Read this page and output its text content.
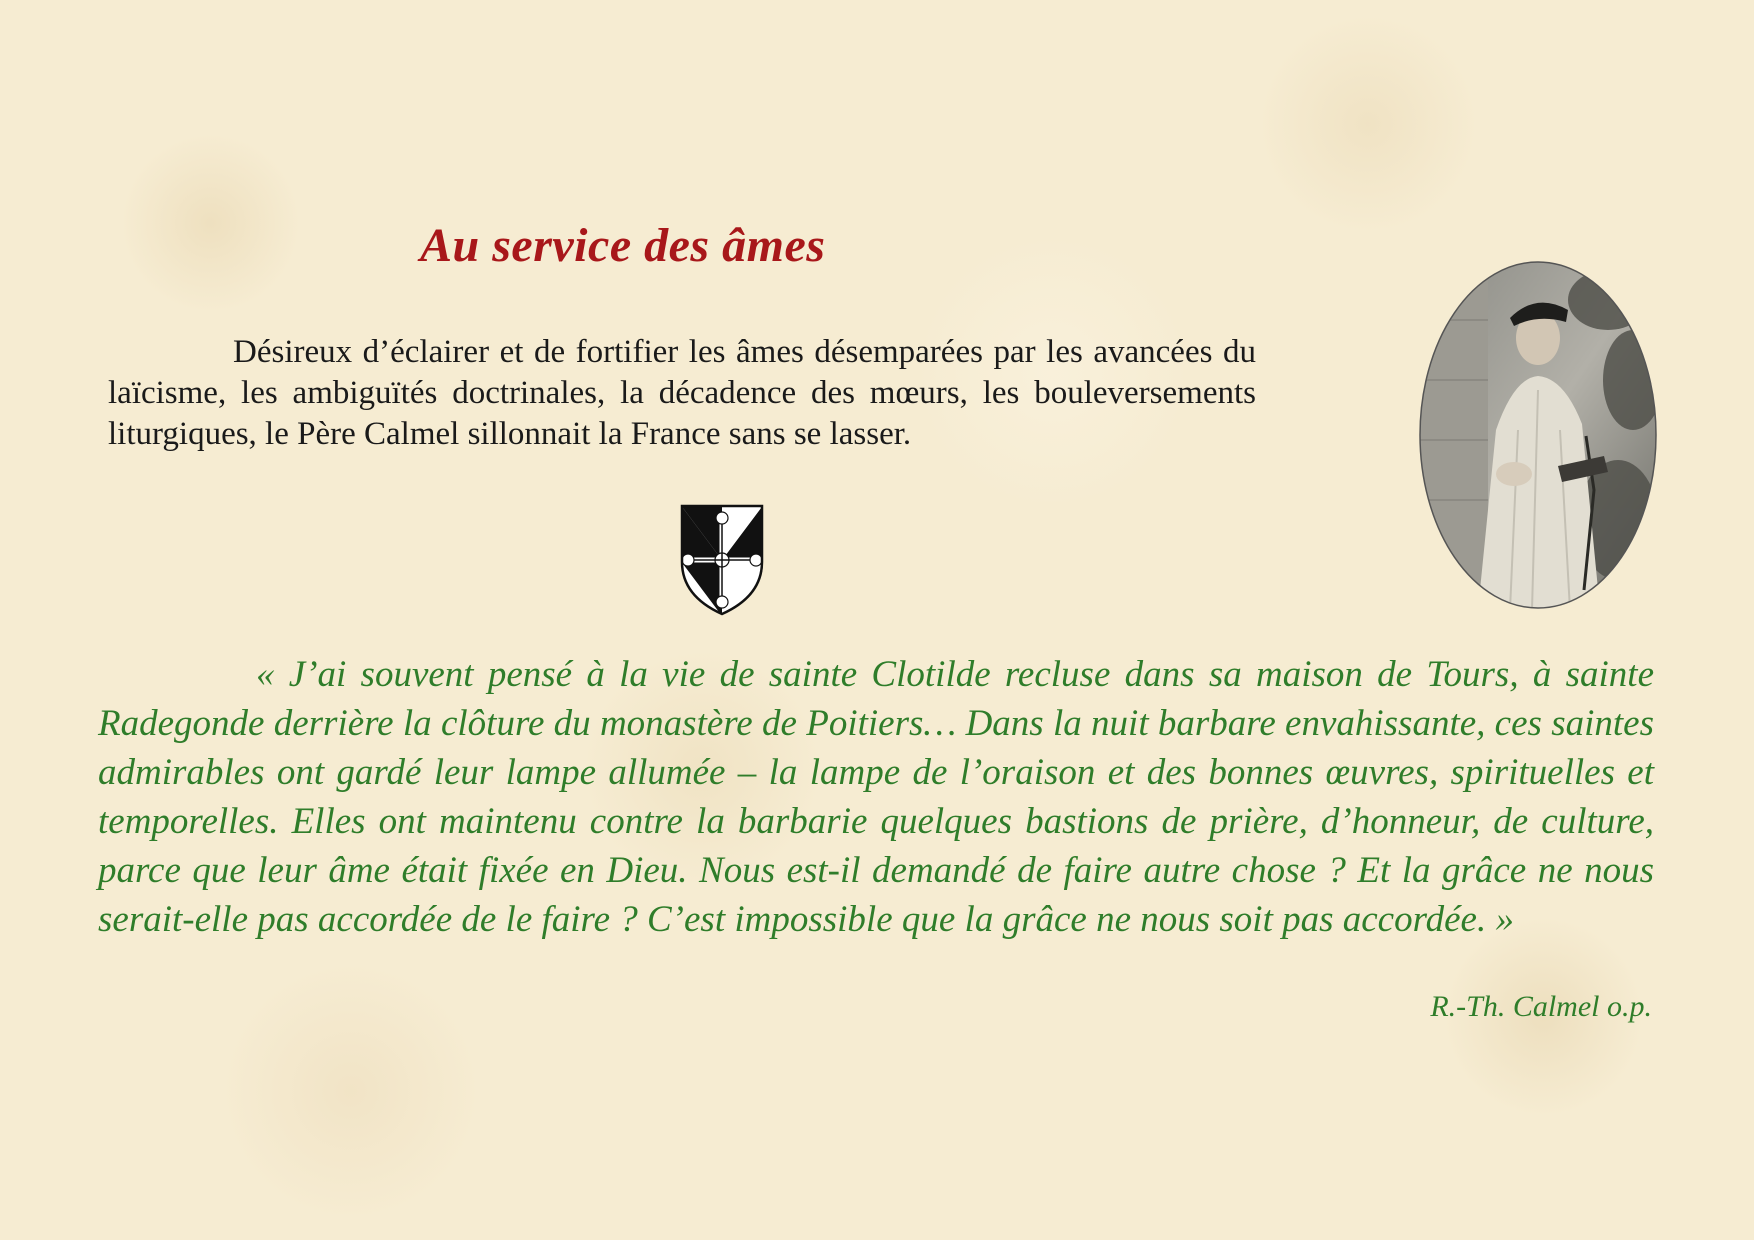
Au service des âmes

Désireux d’éclairer et de fortifier les âmes désemparées par les avancées du laïcisme, les ambiguïtés doctrinales, la décadence des mœurs, les bouleversements liturgiques, le Père Calmel sillonnait la France sans se lasser.

« J’ai souvent pensé à la vie de sainte Clotilde recluse dans sa maison de Tours, à sainte Radegonde derrière la clôture du monastère de Poitiers… Dans la nuit barbare envahissante, ces saintes admirables ont gardé leur lampe allumée – la lampe de l’oraison et des bonnes œuvres, spirituelles et temporelles. Elles ont maintenu contre la barbarie quelques bastions de prière, d’honneur, de culture, parce que leur âme était fixée en Dieu. Nous est-il demandé de faire autre chose ? Et la grâce ne nous serait-elle pas accordée de le faire ? C’est impossible que la grâce ne nous soit pas accordée. »

R.-Th. Calmel o.p.
